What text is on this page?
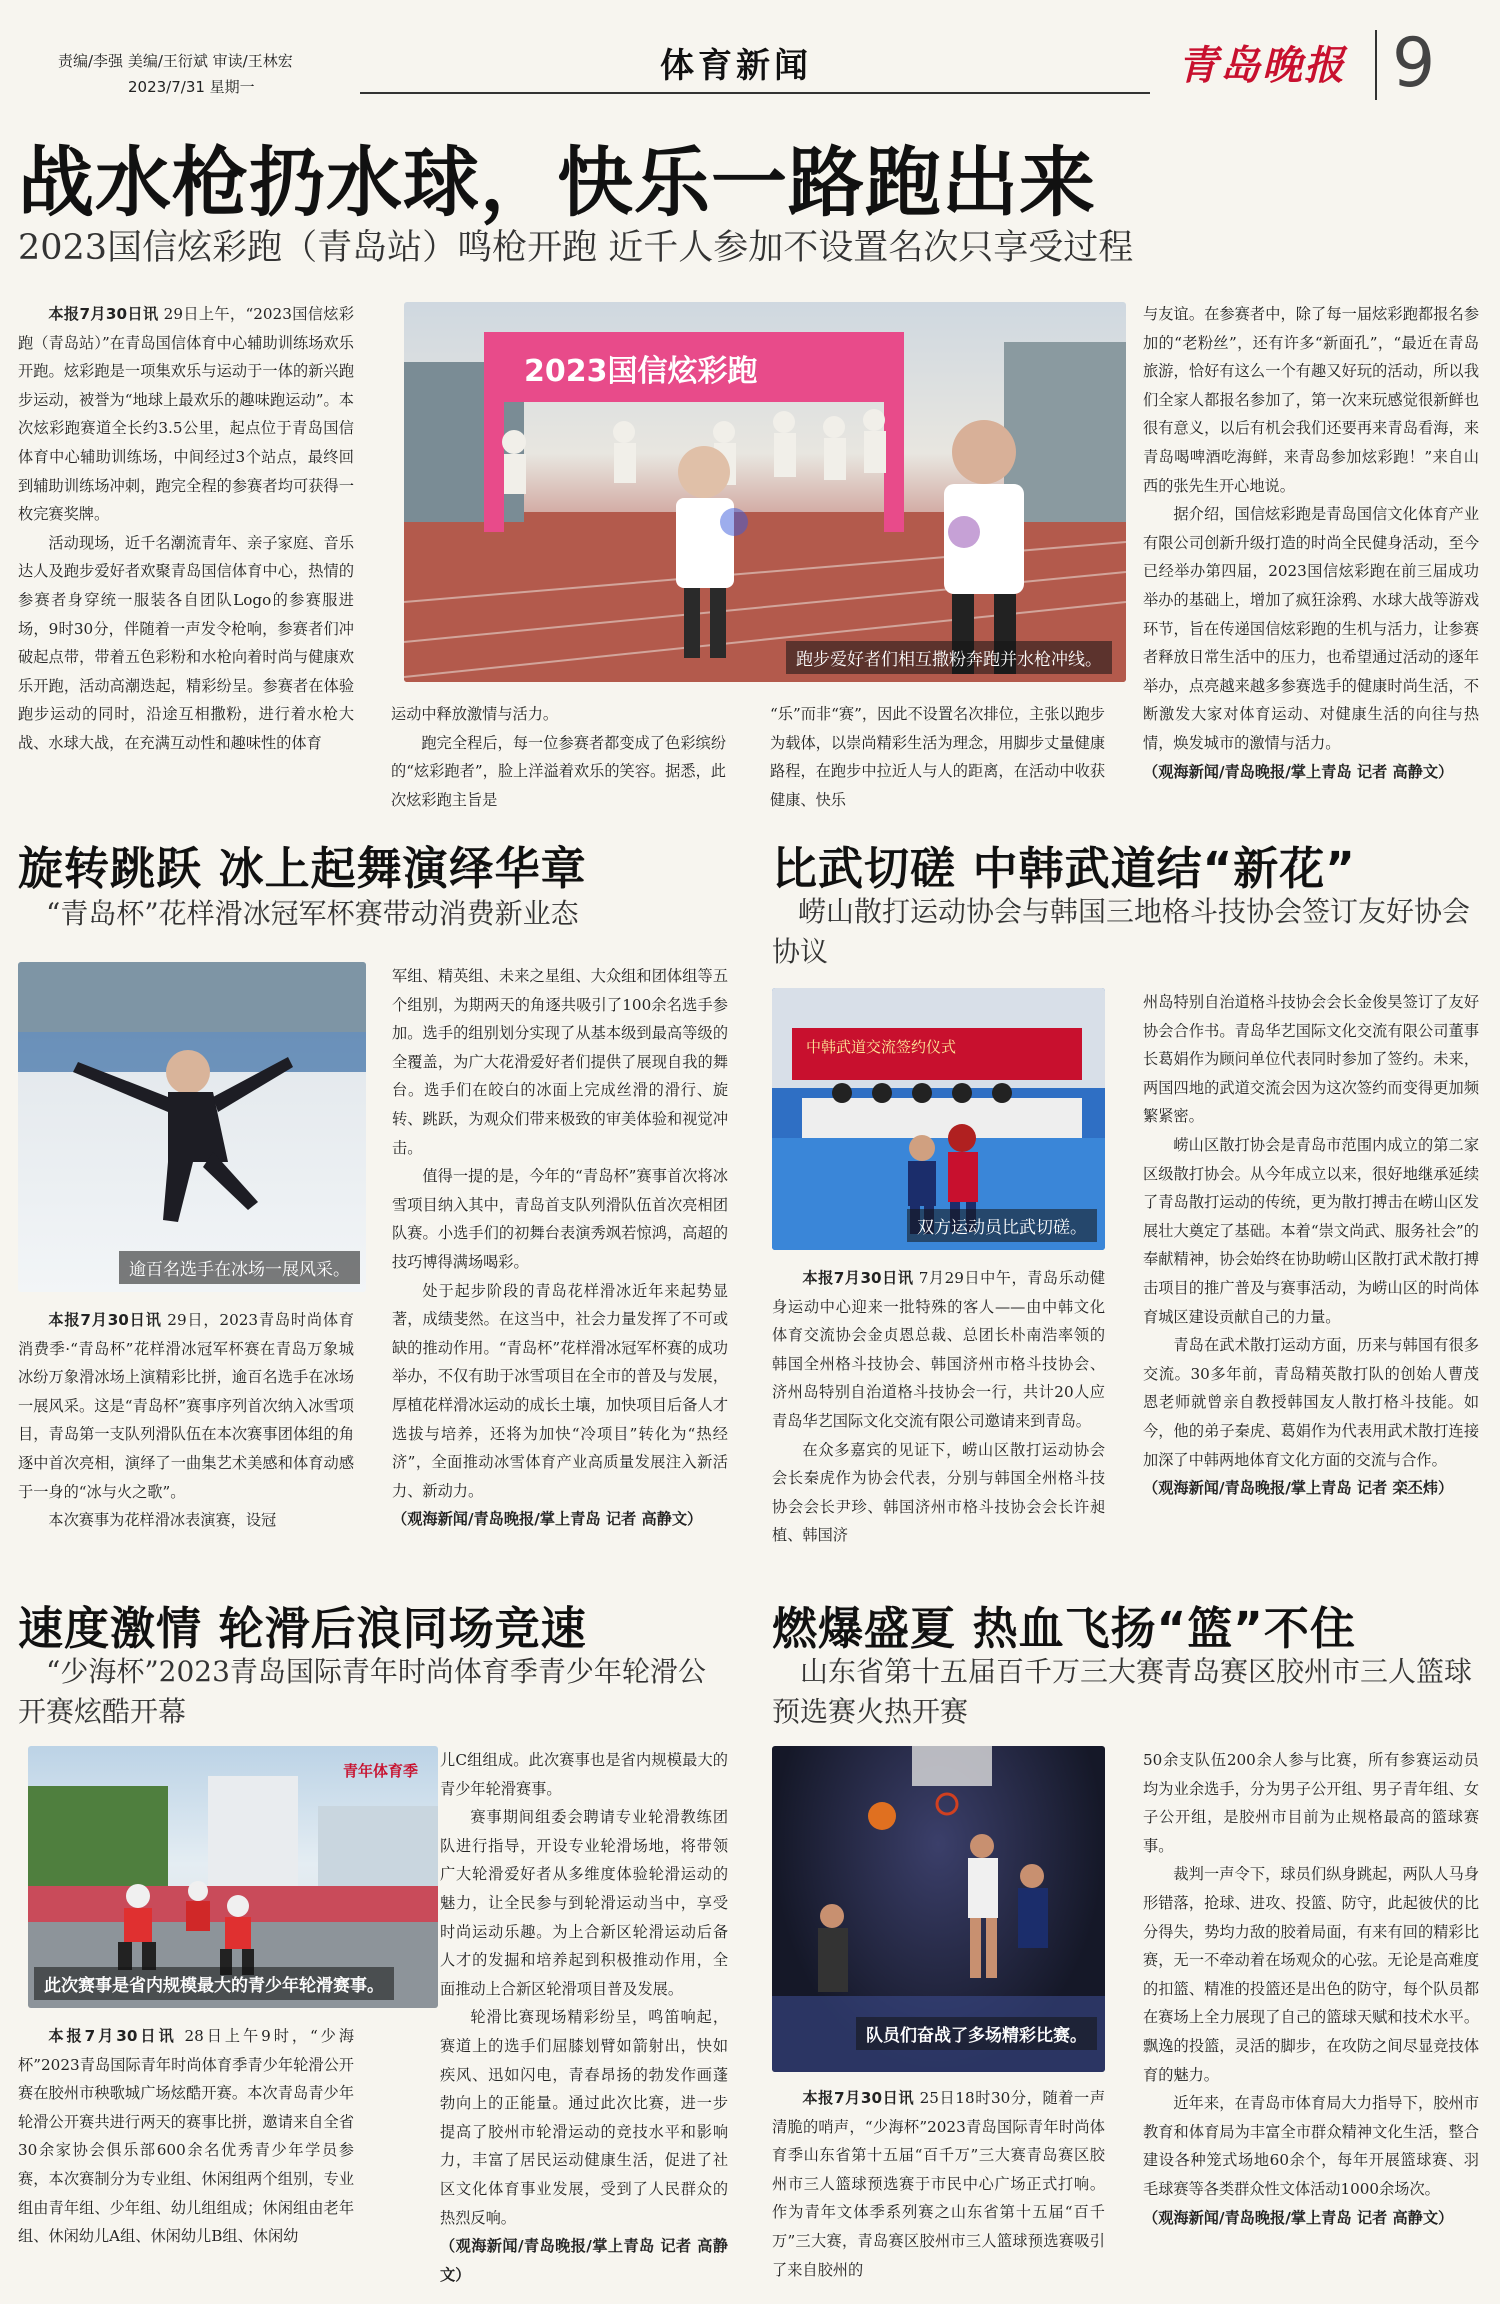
责编/李强 美编/王衍斌 审读/王林宏
2023/7/31 星期一
体育新闻	青岛晚报 9
战水枪扔水球，快乐一路跑出来
2023国信炫彩跑（青岛站）鸣枪开跑 近千人参加不设置名次只享受过程

本报7月30日讯 29日上午，“2023国信炫彩跑（青岛站）”在青岛国信体育中心辅助训练场欢乐开跑。炫彩跑是一项集欢乐与运动于一体的新兴跑步运动，被誉为“地球上最欢乐的趣味跑运动”。本次炫彩跑赛道全长约3.5公里，起点位于青岛国信体育中心辅助训练场，中间经过3个站点，最终回到辅助训练场冲刺，跑完全程的参赛者均可获得一枚完赛奖牌。

活动现场，近千名潮流青年、亲子家庭、音乐达人及跑步爱好者欢聚青岛国信体育中心，热情的参赛者身穿统一服装各自团队Logo的参赛服进场，9时30分，伴随着一声发令枪响，参赛者们冲破起点带，带着五色彩粉和水枪向着时尚与健康欢乐开跑，活动高潮迭起，精彩纷呈。参赛者在体验跑步运动的同时，沿途互相撒粉，进行着水枪大战、水球大战，在充满互动性和趣味性的体育

2023国信炫彩跑
跑步爱好者们相互撒粉奔跑并水枪冲线。

运动中释放激情与活力。

跑完全程后，每一位参赛者都变成了色彩缤纷的“炫彩跑者”，脸上洋溢着欢乐的笑容。据悉，此次炫彩跑主旨是

“乐”而非“赛”，因此不设置名次排位，主张以跑步为载体，以崇尚精彩生活为理念，用脚步丈量健康路程，在跑步中拉近人与人的距离，在活动中收获健康、快乐

与友谊。在参赛者中，除了每一届炫彩跑都报名参加的“老粉丝”，还有许多“新面孔”，“最近在青岛旅游，恰好有这么一个有趣又好玩的活动，所以我们全家人都报名参加了，第一次来玩感觉很新鲜也很有意义，以后有机会我们还要再来青岛看海，来青岛喝啤酒吃海鲜，来青岛参加炫彩跑！”来自山西的张先生开心地说。

据介绍，国信炫彩跑是青岛国信文化体育产业有限公司创新升级打造的时尚全民健身活动，至今已经举办第四届，2023国信炫彩跑在前三届成功举办的基础上，增加了疯狂涂鸦、水球大战等游戏环节，旨在传递国信炫彩跑的生机与活力，让参赛者释放日常生活中的压力，也希望通过活动的逐年举办，点亮越来越多参赛选手的健康时尚生活，不断激发大家对体育运动、对健康生活的向往与热情，焕发城市的激情与活力。

（观海新闻/青岛晚报/掌上青岛 记者 高静文）

旋转跳跃 冰上起舞演绎华章
“青岛杯”花样滑冰冠军杯赛带动消费新业态
逾百名选手在冰场一展风采。

本报7月30日讯 29日，2023青岛时尚体育消费季·“青岛杯”花样滑冰冠军杯赛在青岛万象城冰纷万象滑冰场上演精彩比拼，逾百名选手在冰场一展风采。这是“青岛杯”赛事序列首次纳入冰雪项目，青岛第一支队列滑队伍在本次赛事团体组的角逐中首次亮相，演绎了一曲集艺术美感和体育动感于一身的“冰与火之歌”。

本次赛事为花样滑冰表演赛，设冠

军组、精英组、未来之星组、大众组和团体组等五个组别，为期两天的角逐共吸引了100余名选手参加。选手的组别划分实现了从基本级到最高等级的全覆盖，为广大花滑爱好者们提供了展现自我的舞台。选手们在皎白的冰面上完成丝滑的滑行、旋转、跳跃，为观众们带来极致的审美体验和视觉冲击。

值得一提的是，今年的“青岛杯”赛事首次将冰雪项目纳入其中，青岛首支队列滑队伍首次亮相团队赛。小选手们的初舞台表演秀飒若惊鸿，高超的技巧博得满场喝彩。

处于起步阶段的青岛花样滑冰近年来起势显著，成绩斐然。在这当中，社会力量发挥了不可或缺的推动作用。“青岛杯”花样滑冰冠军杯赛的成功举办，不仅有助于冰雪项目在全市的普及与发展，厚植花样滑冰运动的成长土壤，加快项目后备人才选拔与培养，还将为加快“冷项目”转化为“热经济”，全面推动冰雪体育产业高质量发展注入新活力、新动力。

（观海新闻/青岛晚报/掌上青岛 记者 高静文）

比武切磋 中韩武道结“新花”
崂山散打运动协会与韩国三地格斗技协会签订友好协会协议
中韩武道交流签约仪式
双方运动员比武切磋。

本报7月30日讯 7月29日中午，青岛乐动健身运动中心迎来一批特殊的客人——由中韩文化体育交流协会金贞恩总裁、总团长朴南浩率领的韩国全州格斗技协会、韩国济州市格斗技协会、济州岛特别自治道格斗技协会一行，共计20人应青岛华艺国际文化交流有限公司邀请来到青岛。

在众多嘉宾的见证下，崂山区散打运动协会会长秦虎作为协会代表，分别与韩国全州格斗技协会会长尹珍、韩国济州市格斗技协会会长许昶植、韩国济

州岛特别自治道格斗技协会会长金俊昊签订了友好协会合作书。青岛华艺国际文化交流有限公司董事长葛娟作为顾问单位代表同时参加了签约。未来，两国四地的武道交流会因为这次签约而变得更加频繁紧密。

崂山区散打协会是青岛市范围内成立的第二家区级散打协会。从今年成立以来，很好地继承延续了青岛散打运动的传统，更为散打搏击在崂山区发展壮大奠定了基础。本着“崇文尚武、服务社会”的奉献精神，协会始终在协助崂山区散打武术散打搏击项目的推广普及与赛事活动，为崂山区的时尚体育城区建设贡献自己的力量。

青岛在武术散打运动方面，历来与韩国有很多交流。30多年前，青岛精英散打队的创始人曹茂恩老师就曾亲自教授韩国友人散打格斗技能。如今，他的弟子秦虎、葛娟作为代表用武术散打连接加深了中韩两地体育文化方面的交流与合作。

（观海新闻/青岛晚报/掌上青岛 记者 栾丕炜）

速度激情 轮滑后浪同场竞速
“少海杯”2023青岛国际青年时尚体育季青少年轮滑公开赛炫酷开幕
青年体育季
此次赛事是省内规模最大的青少年轮滑赛事。

本报7月30日讯 28日上午9时，“少海杯”2023青岛国际青年时尚体育季青少年轮滑公开赛在胶州市秧歌城广场炫酷开赛。本次青岛青少年轮滑公开赛共进行两天的赛事比拼，邀请来自全省30余家协会俱乐部600余名优秀青少年学员参赛，本次赛制分为专业组、休闲组两个组别，专业组由青年组、少年组、幼儿组组成；休闲组由老年组、休闲幼儿A组、休闲幼儿B组、休闲幼

儿C组组成。此次赛事也是省内规模最大的青少年轮滑赛事。

赛事期间组委会聘请专业轮滑教练团队进行指导，开设专业轮滑场地，将带领广大轮滑爱好者从多维度体验轮滑运动的魅力，让全民参与到轮滑运动当中，享受时尚运动乐趣。为上合新区轮滑运动后备人才的发掘和培养起到积极推动作用，全面推动上合新区轮滑项目普及发展。

轮滑比赛现场精彩纷呈，鸣笛响起，赛道上的选手们屈膝划臂如箭射出，快如疾风、迅如闪电，青春昂扬的勃发作画蓬勃向上的正能量。通过此次比赛，进一步提高了胶州市轮滑运动的竞技水平和影响力，丰富了居民运动健康生活，促进了社区文化体育事业发展，受到了人民群众的热烈反响。

（观海新闻/青岛晚报/掌上青岛 记者 高静文）

燃爆盛夏 热血飞扬“篮”不住
山东省第十五届百千万三大赛青岛赛区胶州市三人篮球预选赛火热开赛
队员们奋战了多场精彩比赛。

本报7月30日讯 25日18时30分，随着一声清脆的哨声，“少海杯”2023青岛国际青年时尚体育季山东省第十五届“百千万”三大赛青岛赛区胶州市三人篮球预选赛于市民中心广场正式打响。作为青年文体季系列赛之山东省第十五届“百千万”三大赛，青岛赛区胶州市三人篮球预选赛吸引了来自胶州的

50余支队伍200余人参与比赛，所有参赛运动员均为业余选手，分为男子公开组、男子青年组、女子公开组，是胶州市目前为止规格最高的篮球赛事。

裁判一声令下，球员们纵身跳起，两队人马身形错落，抢球、进攻、投篮、防守，此起彼伏的比分得失，势均力敌的胶着局面，有来有回的精彩比赛，无一不牵动着在场观众的心弦。无论是高难度的扣篮、精准的投篮还是出色的防守，每个队员都在赛场上全力展现了自己的篮球天赋和技术水平。飘逸的投篮，灵活的脚步，在攻防之间尽显竞技体育的魅力。

近年来，在青岛市体育局大力指导下，胶州市教育和体育局为丰富全市群众精神文化生活，整合建设各种笼式场地60余个，每年开展篮球赛、羽毛球赛等各类群众性文体活动1000余场次。

（观海新闻/青岛晚报/掌上青岛 记者 高静文）
